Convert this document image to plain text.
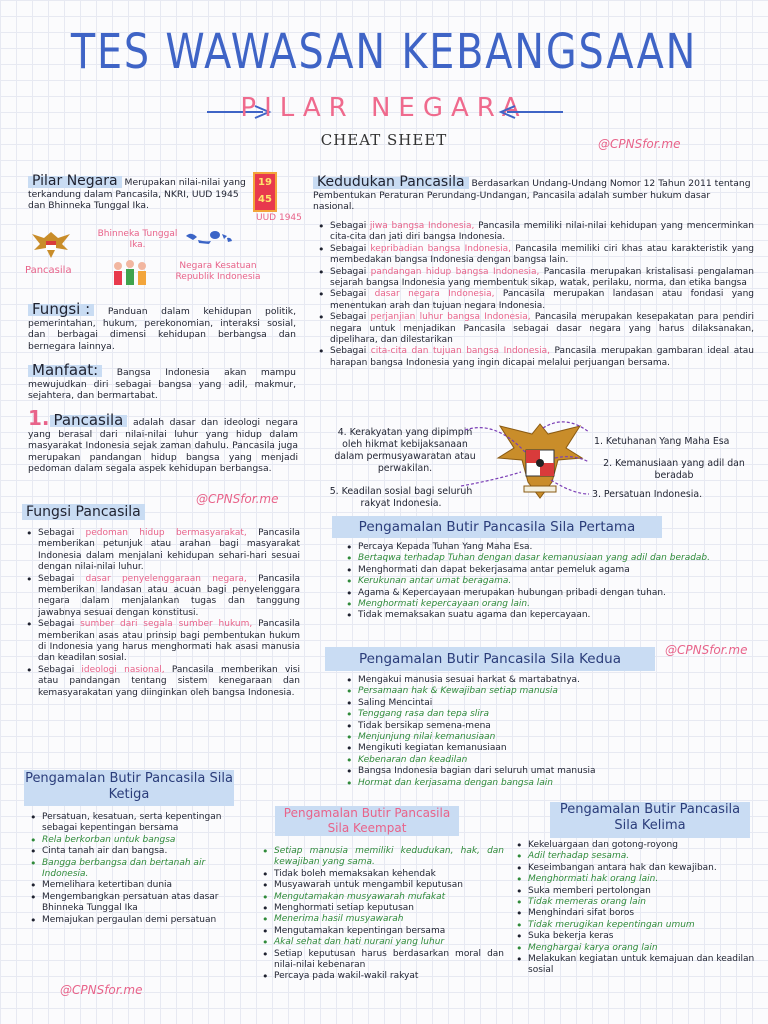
TES WAWASAN KEBANGSAAN
PILAR NEGARA
CHEAT SHEET	@CPNSfor.me
Pilar Negara Merupakan nilai-nilai yang terkandung dalam Pancasila, NKRI, UUD 1945 dan Bhinneka Tunggal Ika.
19
45
UUD 1945
Bhinneka Tunggal Ika.
Pancasila	Negara Kesatuan Republik Indonesia
Fungsi : Panduan dalam kehidupan politik, pemerintahan, hukum, perekonomian, interaksi sosial, dan berbagai dimensi kehidupan berbangsa dan bernegara lainnya.
Manfaat: Bangsa Indonesia akan mampu mewujudkan diri sebagai bangsa yang adil, makmur, sejahtera, dan bermartabat.
1. Pancasila adalah dasar dan ideologi negara yang berasal dari nilai-nilai luhur yang hidup dalam masyarakat Indonesia sejak zaman dahulu. Pancasila juga merupakan pandangan hidup bangsa yang menjadi pedoman dalam segala aspek kehidupan berbangsa.
@CPNSfor.me
Fungsi Pancasila
• Sebagai pedoman hidup bermasyarakat, Pancasila memberikan petunjuk atau arahan bagi masyarakat Indonesia dalam menjalani kehidupan sehari-hari sesuai dengan nilai-nilai luhur.
• Sebagai dasar penyelenggaraan negara, Pancasila memberikan landasan atau acuan bagi penyelenggara negara dalam menjalankan tugas dan tanggung jawabnya sesuai dengan konstitusi.
• Sebagai sumber dari segala sumber hukum, Pancasila memberikan asas atau prinsip bagi pembentukan hukum di Indonesia yang harus menghormati hak asasi manusia dan keadilan sosial.
• Sebagai ideologi nasional, Pancasila memberikan visi atau pandangan tentang sistem kenegaraan dan kemasyarakatan yang diinginkan oleh bangsa Indonesia.
Kedudukan Pancasila Berdasarkan Undang-Undang Nomor 12 Tahun 2011 tentang Pembentukan Peraturan Perundang-Undangan, Pancasila adalah sumber hukum dasar nasional.
• Sebagai jiwa bangsa Indonesia, Pancasila memiliki nilai-nilai kehidupan yang mencerminkan cita-cita dan jati diri bangsa Indonesia.
• Sebagai kepribadian bangsa Indonesia, Pancasila memiliki ciri khas atau karakteristik yang membedakan bangsa Indonesia dengan bangsa lain.
• Sebagai pandangan hidup bangsa Indonesia, Pancasila merupakan kristalisasi pengalaman sejarah bangsa Indonesia yang membentuk sikap, watak, perilaku, norma, dan etika bangsa
• Sebagai dasar negara Indonesia, Pancasila merupakan landasan atau fondasi yang menentukan arah dan tujuan negara Indonesia.
• Sebagai perjanjian luhur bangsa Indonesia, Pancasila merupakan kesepakatan para pendiri negara untuk menjadikan Pancasila sebagai dasar negara yang harus dilaksanakan, dipelihara, dan dilestarikan
• Sebagai cita-cita dan tujuan bangsa Indonesia, Pancasila merupakan gambaran ideal atau harapan bangsa Indonesia yang ingin dicapai melalui perjuangan bersama.
4. Kerakyatan yang dipimpin oleh hikmat kebijaksanaan dalam permusyawaratan atau perwakilan.
5. Keadilan sosial bagi seluruh rakyat Indonesia.
1. Ketuhanan Yang Maha Esa
2. Kemanusiaan yang adil dan beradab
3. Persatuan Indonesia.
Pengamalan Butir Pancasila Sila Pertama
• Percaya Kepada Tuhan Yang Maha Esa.
• Bertaqwa terhadap Tuhan dengan dasar kemanusiaan yang adil dan beradab.
• Menghormati dan dapat bekerjasama antar pemeluk agama
• Kerukunan antar umat beragama.
• Agama & Kepercayaan merupakan hubungan pribadi dengan tuhan.
• Menghormati kepercayaan orang lain.
• Tidak memaksakan suatu agama dan kepercayaan.
Pengamalan Butir Pancasila Sila Kedua
@CPNSfor.me
• Mengakui manusia sesuai harkat & martabatnya.
• Persamaan hak & Kewajiban setiap manusia
• Saling Mencintai
• Tenggang rasa dan tepa slira
• Tidak bersikap semena-mena
• Menjunjung nilai kemanusiaan
• Mengikuti kegiatan kemanusiaan
• Kebenaran dan keadilan
• Bangsa Indonesia bagian dari seluruh umat manusia
• Hormat dan kerjasama dengan bangsa lain
Pengamalan Butir Pancasila Sila Ketiga
• Persatuan, kesatuan, serta kepentingan sebagai kepentingan bersama
• Rela berkorban untuk bangsa
• Cinta tanah air dan bangsa.
• Bangga berbangsa dan bertanah air Indonesia.
• Memelihara ketertiban dunia
• Mengembangkan persatuan atas dasar Bhinneka Tunggal Ika
• Memajukan pergaulan demi persatuan
@CPNSfor.me
Pengamalan Butir Pancasila Sila Keempat
• Setiap manusia memiliki kedudukan, hak, dan kewajiban yang sama.
• Tidak boleh memaksakan kehendak
• Musyawarah untuk mengambil keputusan
• Mengutamakan musyawarah mufakat
• Menghormati setiap keputusan
• Menerima hasil musyawarah
• Mengutamakan kepentingan bersama
• Akal sehat dan hati nurani yang luhur
• Setiap keputusan harus berdasarkan moral dan nilai-nilai kebenaran
• Percaya pada wakil-wakil rakyat
Pengamalan Butir Pancasila Sila Kelima
• Kekeluargaan dan gotong-royong
• Adil terhadap sesama.
• Keseimbangan antara hak dan kewajiban.
• Menghormati hak orang lain.
• Suka memberi pertolongan
• Tidak memeras orang lain
• Menghindari sifat boros
• Tidak merugikan kepentingan umum
• Suka bekerja keras
• Menghargai karya orang lain
• Melakukan kegiatan untuk kemajuan dan keadilan sosial
